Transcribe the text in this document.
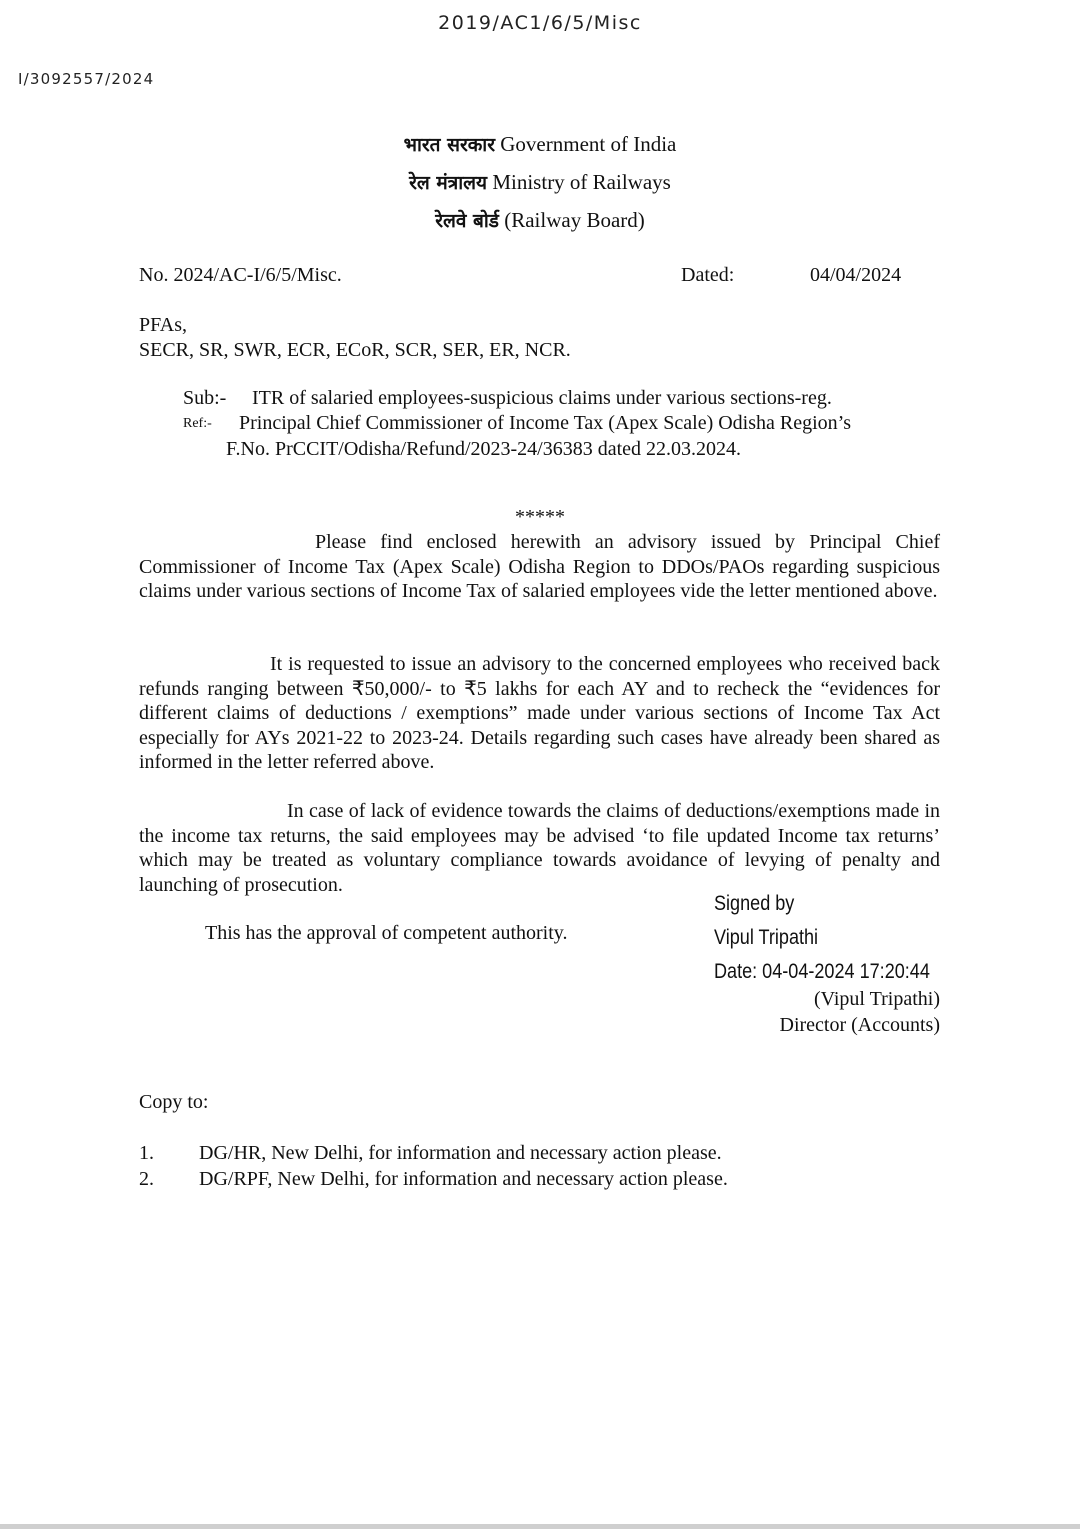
2019/AC1/6/5/Misc
I/3092557/2024
भारत सरकार Government of India
रेल मंत्रालय Ministry of Railways
रेलवे बोर्ड (Railway Board)
No. 2024/AC-I/6/5/Misc.	Dated:	04/04/2024
PFAs,
SECR, SR, SWR, ECR, ECoR, SCR, SER, ER, NCR.
Sub:- ITR of salaried employees-suspicious claims under various sections-reg.
Ref:- Principal Chief Commissioner of Income Tax (Apex Scale) Odisha Region’s
F.No. PrCCIT/Odisha/Refund/2023-24/36383 dated 22.03.2024.
*****
Please find enclosed herewith an advisory issued by Principal Chief Commissioner of Income Tax (Apex Scale) Odisha Region to DDOs/PAOs regarding suspicious claims under various sections of Income Tax of salaried employees vide the letter mentioned above.
It is requested to issue an advisory to the concerned employees who received back refunds ranging between ₹50,000/- to ₹5 lakhs for each AY and to recheck the “evidences for different claims of deductions / exemptions” made under various sections of Income Tax Act especially for AYs 2021-22 to 2023-24. Details regarding such cases have already been shared as informed in the letter referred above.
In case of lack of evidence towards the claims of deductions/exemptions made in the income tax returns, the said employees may be advised ‘to file updated Income tax returns’ which may be treated as voluntary compliance towards avoidance of levying of penalty and launching of prosecution.
This has the approval of competent authority.
Signed by
Vipul Tripathi
Date: 04-04-2024 17:20:44
(Vipul Tripathi)
Director (Accounts)
Copy to:
1. DG/HR, New Delhi, for information and necessary action please.
2. DG/RPF, New Delhi, for information and necessary action please.
